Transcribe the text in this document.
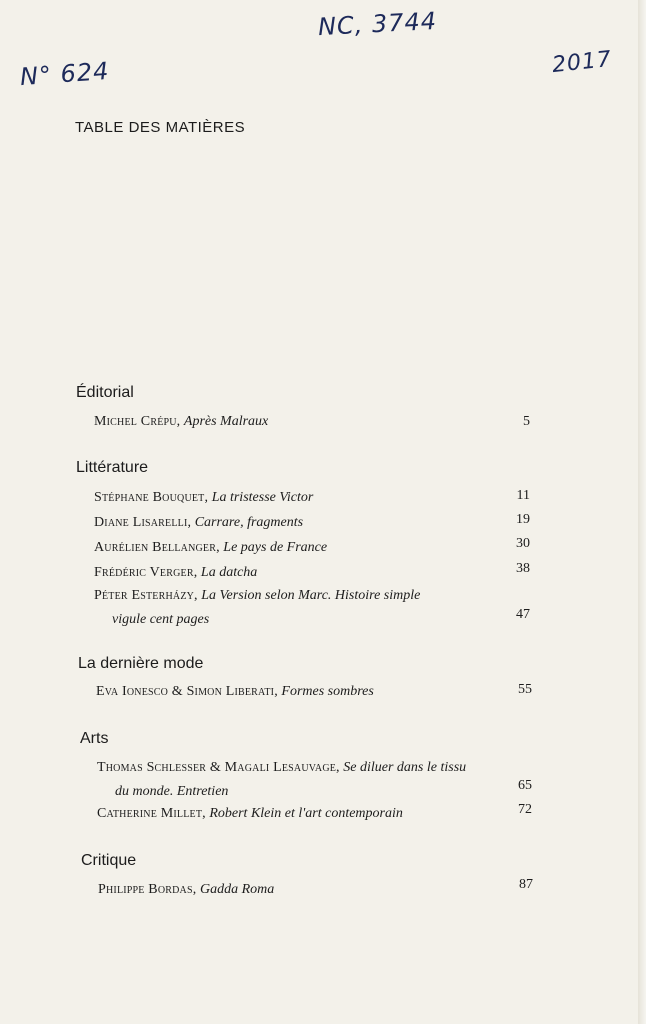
NC, 3744
N° 624	2017
TABLE DES MATIÈRES
Éditorial
Michel Crépu, Après Malraux	5
Littérature
Stéphane Bouquet, La tristesse Victor	11
Diane Lisarelli, Carrare, fragments	19
Aurélien Bellanger, Le pays de France	30
Frédéric Verger, La datcha	38
Péter Esterházy, La Version selon Marc. Histoire simple
vigule cent pages	47
La dernière mode
Eva Ionesco & Simon Liberati, Formes sombres	55
Arts
Thomas Schlesser & Magali Lesauvage, Se diluer dans le tissu
du monde. Entretien	65
Catherine Millet, Robert Klein et l'art contemporain	72
Critique
Philippe Bordas, Gadda Roma	87
